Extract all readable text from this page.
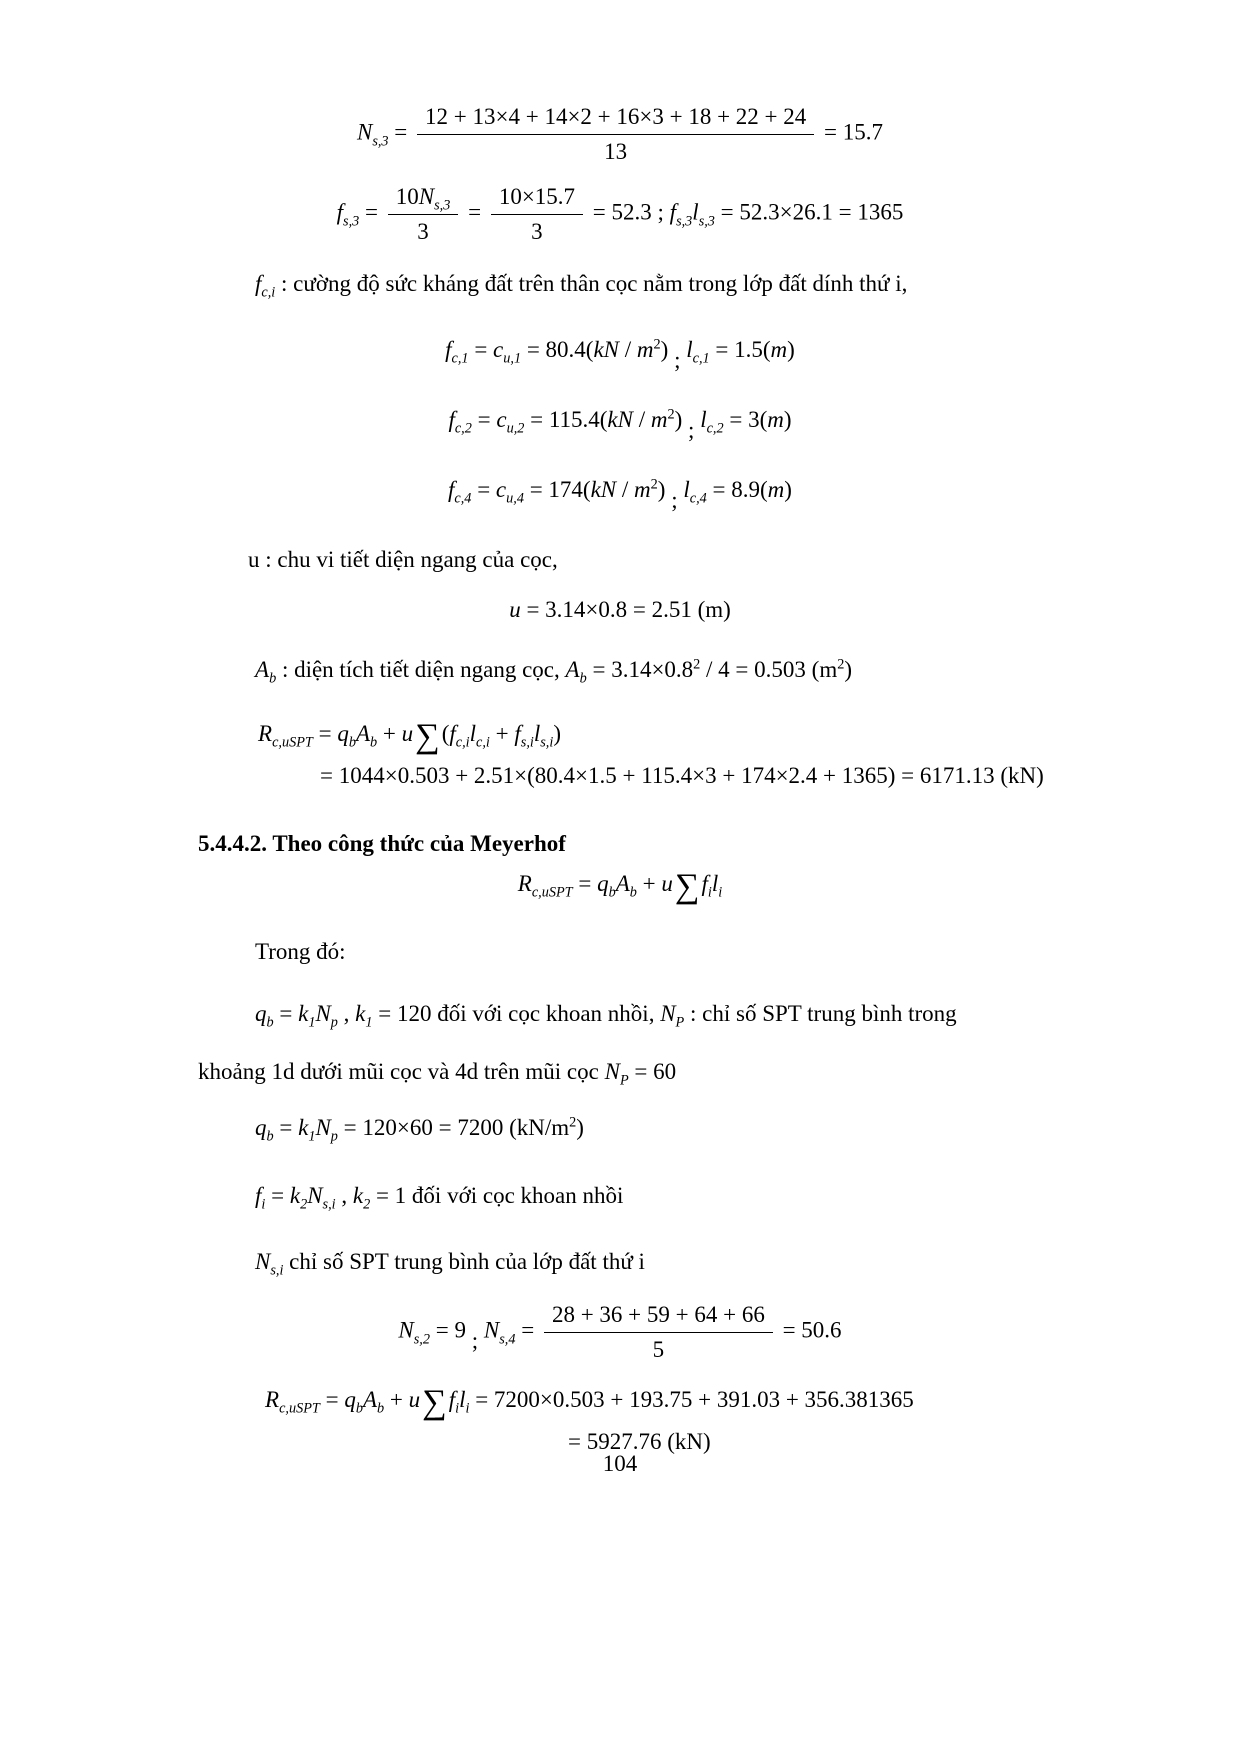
$N_{s,3} = \frac{12 + 13\times 4 + 14\times 2 + 16\times 3 + 18 + 22 + 24}{13} = 15.7$
$f_{s,3} = \frac{10N_{s,3}}{3} = \frac{10\times 15.7}{3} = 52.3$ ; $f_{s,3}l_{s,3} = 52.3\times 26.1 = 1365$
$f_{c,i}$ : cường độ sức kháng đất trên thân cọc nằm trong lớp đất dính thứ i,
$f_{c,1} = c_{u,1} = 80.4(kN / m^2)$ ; $l_{c,1} = 1.5(m)$
$f_{c,2} = c_{u,2} = 115.4(kN / m^2)$ ; $l_{c,2} = 3(m)$
$f_{c,4} = c_{u,4} = 174(kN / m^2)$ ; $l_{c,4} = 8.9(m)$
u : chu vi tiết diện ngang của cọc,
u = 3.14×0.8 = 2.51 (m)
$A_b$ : diện tích tiết diện ngang cọc, $A_b = 3.14\times 0.8^2 / 4 = 0.503$ $(m^2)$
$R_{c,uSPT} = q_bA_b + u\sum(f_{c,i}l_{c,i} + f_{s,i}l_{s,i})$
= 1044×0.503 + 2.51×(80.4×1.5 + 115.4×3 + 174×2.4 + 1365) = 6171.13 (kN)
5.4.4.2. Theo công thức của Meyerhof
$R_{c,uSPT} = q_bA_b + u\sum f_il_i$
Trong đó:
$q_b = k_1N_p$ , $k_1 = 120$ đối với cọc khoan nhồi, $N_P$ : chỉ số SPT trung bình trong
khoảng 1d dưới mũi cọc và 4d trên mũi cọc $N_P = 60$
$q_b = k_1N_p = 120\times 60 = 7200$ $(kN/m^2)$
$f_i = k_2N_{s,i}$ , $k_2 = 1$ đối với cọc khoan nhồi
$N_{s,i}$ chỉ số SPT trung bình của lớp đất thứ i
$N_{s,2} = 9$ ; $N_{s,4} = \frac{28 + 36 + 59 + 64 + 66}{5} = 50.6$
$R_{c,uSPT} = q_bA_b + u\sum f_il_i = 7200\times 0.503 + 193.75 + 391.03 + 356.381365$
= 5927.76 (kN)
104
